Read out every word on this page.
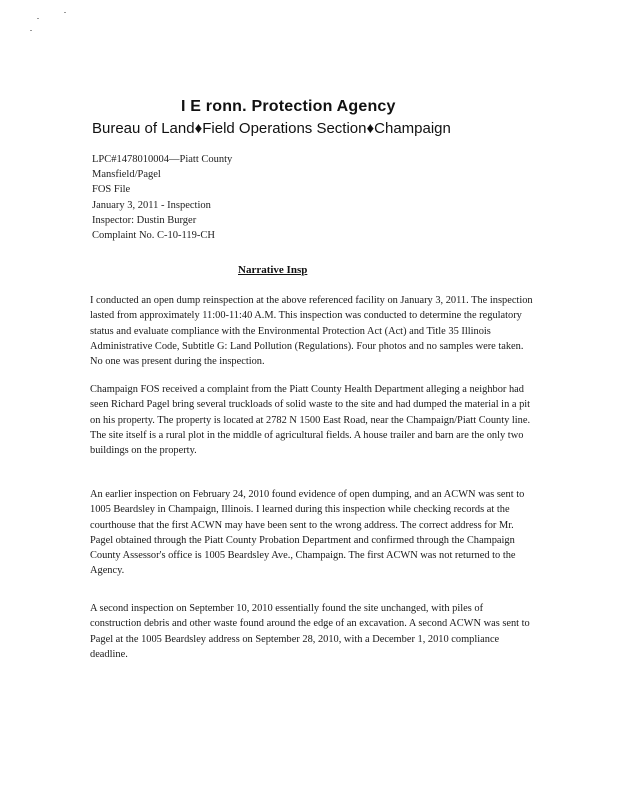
I E ronn. Protection Agency
Bureau of Land♦Field Operations Section♦Champaign
LPC#1478010004—Piatt County
Mansfield/Pagel
FOS File
January 3, 2011 - Inspection
Inspector: Dustin Burger
Complaint No. C-10-119-CH
Narrative Insp
I conducted an open dump reinspection at the above referenced facility on January 3, 2011. The inspection lasted from approximately 11:00-11:40 A.M. This inspection was conducted to determine the regulatory status and evaluate compliance with the Environmental Protection Act (Act) and Title 35 Illinois Administrative Code, Subtitle G: Land Pollution (Regulations). Four photos and no samples were taken. No one was present during the inspection.
Champaign FOS received a complaint from the Piatt County Health Department alleging a neighbor had seen Richard Pagel bring several truckloads of solid waste to the site and had dumped the material in a pit on his property. The property is located at 2782 N 1500 East Road, near the Champaign/Piatt County line. The site itself is a rural plot in the middle of agricultural fields. A house trailer and barn are the only two buildings on the property.
An earlier inspection on February 24, 2010 found evidence of open dumping, and an ACWN was sent to 1005 Beardsley in Champaign, Illinois. I learned during this inspection while checking records at the courthouse that the first ACWN may have been sent to the wrong address. The correct address for Mr. Pagel obtained through the Piatt County Probation Department and confirmed through the Champaign County Assessor's office is 1005 Beardsley Ave., Champaign. The first ACWN was not returned to the Agency.
A second inspection on September 10, 2010 essentially found the site unchanged, with piles of construction debris and other waste found around the edge of an excavation. A second ACWN was sent to Pagel at the 1005 Beardsley address on September 28, 2010, with a December 1, 2010 compliance deadline.
